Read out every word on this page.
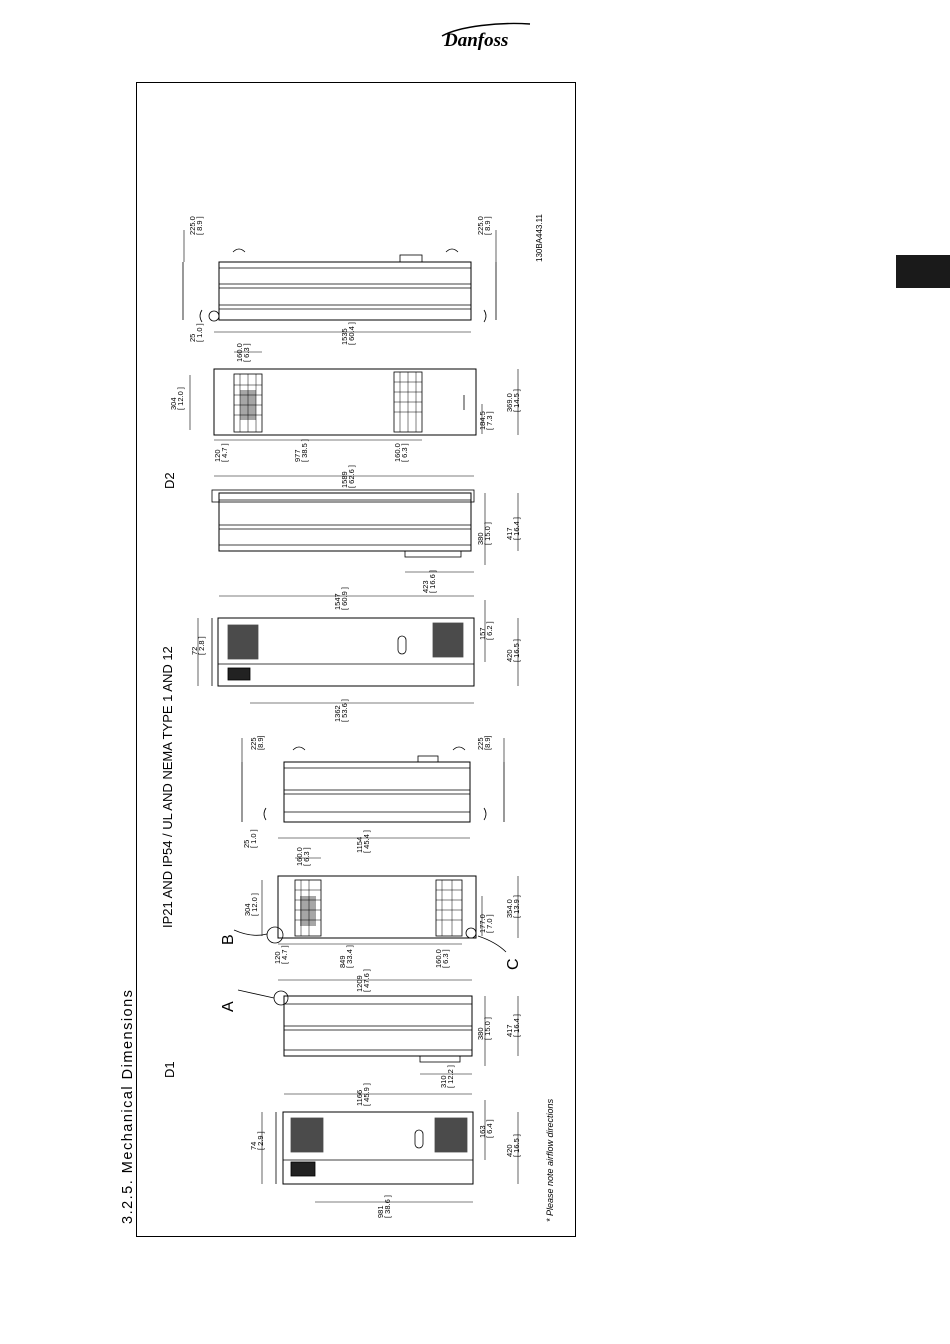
Danfoss
3.2.5. Mechanical Dimensions
IP21 AND IP54 / UL AND NEMA TYPE 1 AND 12
D2
D1
A
B
C
* Please note airflow directions
130BA443.11
225.0[ 8.9 ]	225.0[ 8.9 ]
25[ 1.0 ]
160.0[ 6.3 ]
1535[ 60.4 ]
304[ 12.0 ]
184.5[ 7.3 ]
369.0[ 14.5 ]
120[ 4.7 ]	977[ 38.5 ]	160.0[ 6.3 ]
1589[ 62.6 ]
380[ 15.0 ] 417[ 16.4 ]
423[ 16.6 ]
1547[ 60.9 ]
72[ 2.8 ]
157[ 6.2 ]
420[ 16.5 ]
1362[ 53.6 ]
225[8.9]	225[8.9]
25[ 1.0 ]	1154[ 45.4 ]
160.0[ 6.3 ]
304[ 12.0 ]
177.0[ 7.0 ]
354.0[ 13.9 ]
120[ 4.7 ]	849[ 33.4 ]	160.0[ 6.3 ]
1209[ 47.6 ]
380[ 15.0 ] 417[ 16.4 ]
310[ 12.2 ]
1166[ 45.9 ]
74[ 2.9 ]	163[ 6.4 ]
420[ 16.5 ]
981[ 38.6 ]
